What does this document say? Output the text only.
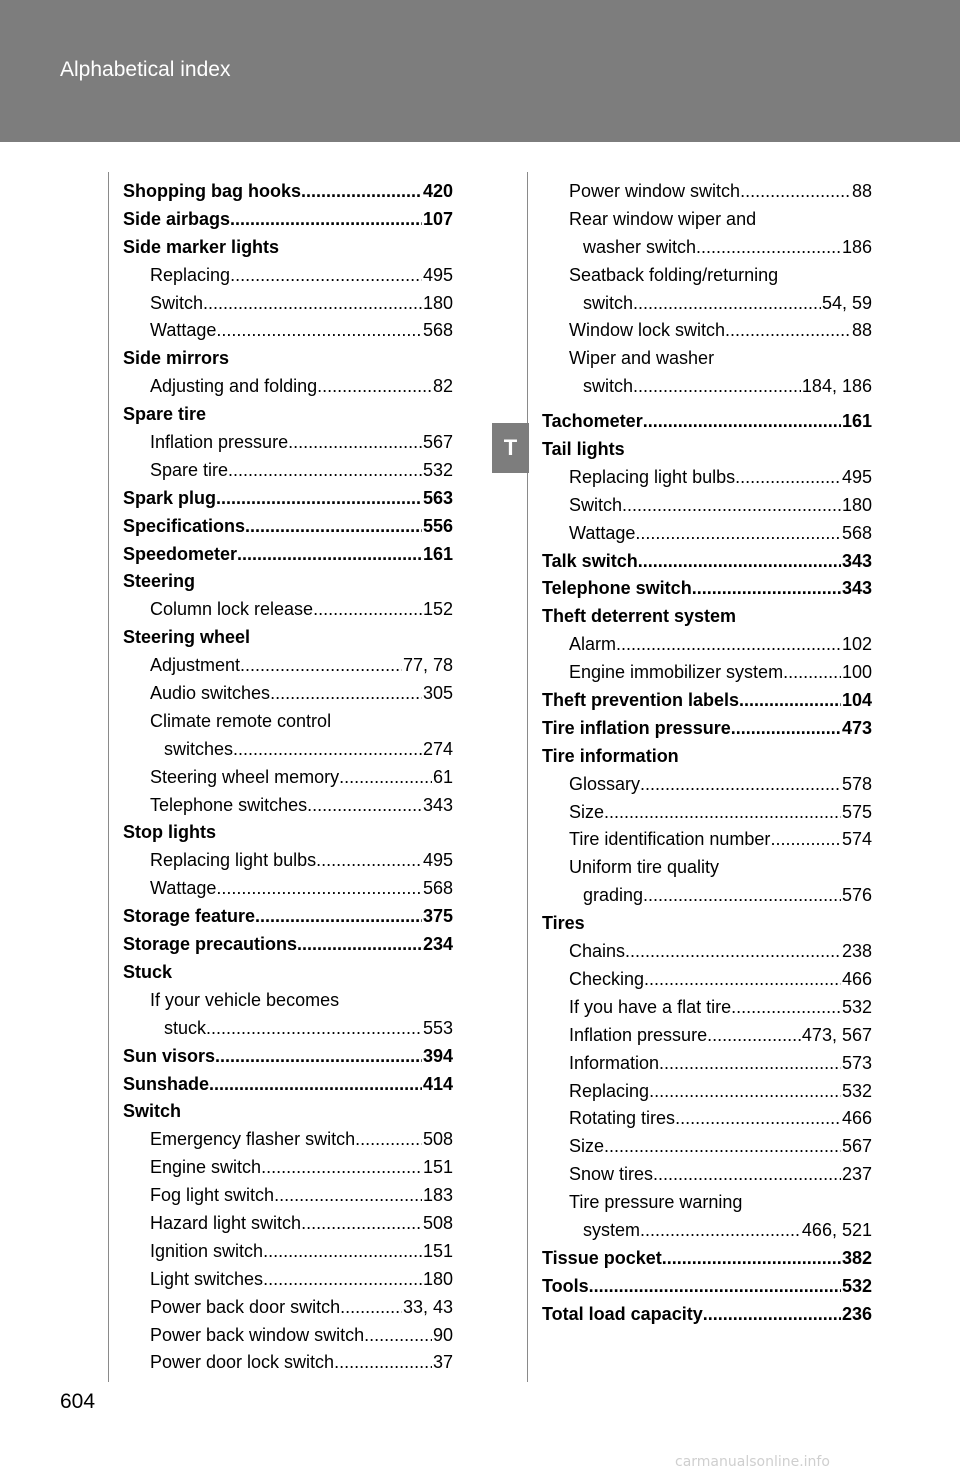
Alphabetical index
Shopping bag hooks .....	420
Side airbags .....	107
Side marker lights
Replacing .....	495
Switch .....	180
Wattage .....	568
Side mirrors
Adjusting and folding .....	82
Spare tire
Inflation pressure .....	567
Spare tire .....	532
Spark plug .....	563
Specifications .....	556
Speedometer .....	161
Steering
Column lock release .....	152
Steering wheel
Adjustment .....	77, 78
Audio switches .....	305
Climate remote control
switches .....	274
Steering wheel memory .....	61
Telephone switches .....	343
Stop lights
Replacing light bulbs .....	495
Wattage .....	568
Storage feature .....	375
Storage precautions .....	234
Stuck
If your vehicle becomes
stuck .....	553
Sun visors .....	394
Sunshade .....	414
Switch
Emergency flasher switch .....	508
Engine switch .....	151
Fog light switch .....	183
Hazard light switch .....	508
Ignition switch .....	151
Light switches .....	180
Power back door switch .....	33, 43
Power back window switch .....	90
Power door lock switch .....	37
Power window switch .....	88
Rear window wiper and
washer switch .....	186
Seatback folding/returning
switch .....	54, 59
Window lock switch .....	88
Wiper and washer
switch .....	184, 186
Tachometer .....	161
Tail lights
Replacing light bulbs .....	495
Switch .....	180
Wattage .....	568
Talk switch .....	343
Telephone switch .....	343
Theft deterrent system
Alarm .....	102
Engine immobilizer system .....	100
Theft prevention labels .....	104
Tire inflation pressure .....	473
Tire information
Glossary .....	578
Size .....	575
Tire identification number .....	574
Uniform tire quality
grading .....	576
Tires
Chains .....	238
Checking .....	466
If you have a flat tire .....	532
Inflation pressure .....	473, 567
Information .....	573
Replacing .....	532
Rotating tires .....	466
Size .....	567
Snow tires .....	237
Tire pressure warning
system .....	466, 521
Tissue pocket .....	382
Tools .....	532
Total load capacity .....	236
T
604
carmanualsonline.info
